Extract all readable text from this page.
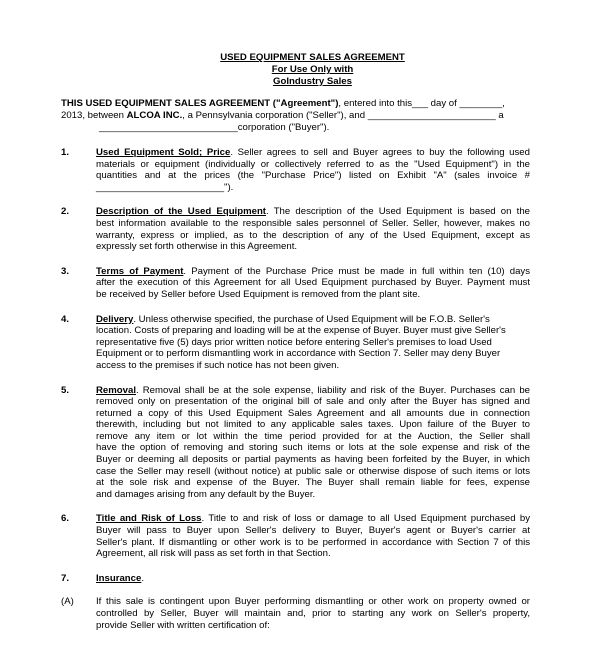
USED EQUIPMENT SALES AGREEMENT
For Use Only with
GoIndustry Sales
THIS USED EQUIPMENT SALES AGREEMENT ("Agreement"), entered into this___ day of ________,
2013, between ALCOA INC., a Pennsylvania corporation ("Seller"), and ________________________ a
__________________________corporation ("Buyer").
1.	Used Equipment Sold; Price. Seller agrees to sell and Buyer agrees to buy the following used

materials or equipment (individually or collectively referred to as the "Used Equipment") in the

quantities and at the prices (the "Purchase Price") listed on Exhibit "A" (sales invoice #

________________________").

2.	Description of the Used Equipment. The description of the Used Equipment is based on the

best information available to the responsible sales personnel of Seller. Seller, however, makes no

warranty, express or implied, as to the description of any of the Used Equipment, except as

expressly set forth otherwise in this Agreement.

3.	Terms of Payment. Payment of the Purchase Price must be made in full within ten (10) days

after the execution of this Agreement for all Used Equipment purchased by Buyer. Payment must

be received by Seller before Used Equipment is removed from the plant site.

4.	Delivery. Unless otherwise specified, the purchase of Used Equipment will be F.O.B. Seller's

location. Costs of preparing and loading will be at the expense of Buyer. Buyer must give Seller's

representative five (5) days prior written notice before entering Seller's premises to load Used

Equipment or to perform dismantling work in accordance with Section 7. Seller may deny Buyer

access to the premises if such notice has not been given.

5.	Removal. Removal shall be at the sole expense, liability and risk of the Buyer. Purchases can be

removed only on presentation of the original bill of sale and only after the Buyer has signed and

returned a copy of this Used Equipment Sales Agreement and all amounts due in connection

therewith, including but not limited to any applicable sales taxes. Upon failure of the Buyer to

remove any item or lot within the time period provided for at the Auction, the Seller shall

have the option of removing and storing such items or lots at the sole expense and risk of the

Buyer or deeming all deposits or partial payments as having been forfeited by the Buyer, in which

case the Seller may resell (without notice) at public sale or otherwise dispose of such items or lots

at the sole risk and expense of the Buyer. The Buyer shall remain liable for fees, expense

and damages arising from any default by the Buyer.

6.	Title and Risk of Loss. Title to and risk of loss or damage to all Used Equipment purchased by

Buyer will pass to Buyer upon Seller's delivery to Buyer, Buyer's agent or Buyer's carrier at

Seller's plant. If dismantling or other work is to be performed in accordance with Section 7 of this

Agreement, all risk will pass as set forth in that Section.

7.	Insurance.

(A) If this sale is contingent upon Buyer performing dismantling or other work on property owned or

controlled by Seller, Buyer will maintain and, prior to starting any work on Seller's property,

provide Seller with written certification of:
